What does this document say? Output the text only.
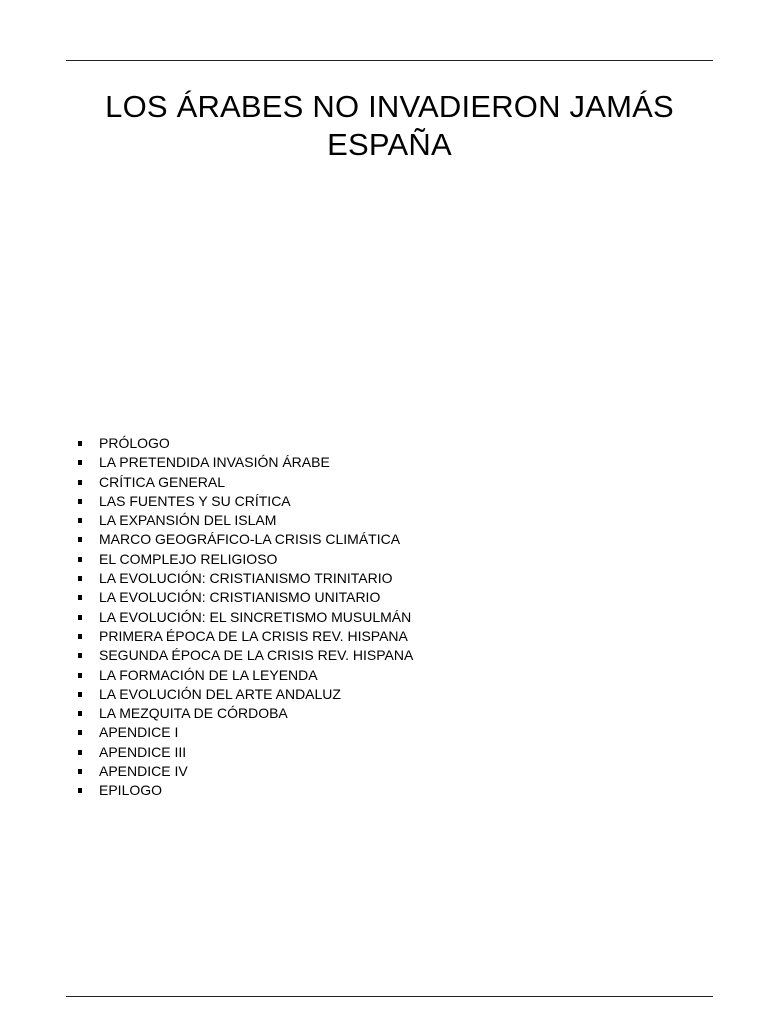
LOS ÁRABES NO INVADIERON JAMÁS ESPAÑA
PRÓLOGO
LA PRETENDIDA INVASIÓN ÁRABE
CRÍTICA GENERAL
LAS FUENTES Y SU CRÍTICA
LA EXPANSIÓN DEL ISLAM
MARCO GEOGRÁFICO-LA CRISIS CLIMÁTICA
EL COMPLEJO RELIGIOSO
LA EVOLUCIÓN: CRISTIANISMO TRINITARIO
LA EVOLUCIÓN: CRISTIANISMO UNITARIO
LA EVOLUCIÓN: EL SINCRETISMO MUSULMÁN
PRIMERA ÉPOCA DE LA CRISIS REV. HISPANA
SEGUNDA ÉPOCA DE LA CRISIS REV. HISPANA
LA FORMACIÓN DE LA LEYENDA
LA EVOLUCIÓN DEL ARTE ANDALUZ
LA MEZQUITA DE CÓRDOBA
APENDICE I
APENDICE III
APENDICE IV
EPILOGO
